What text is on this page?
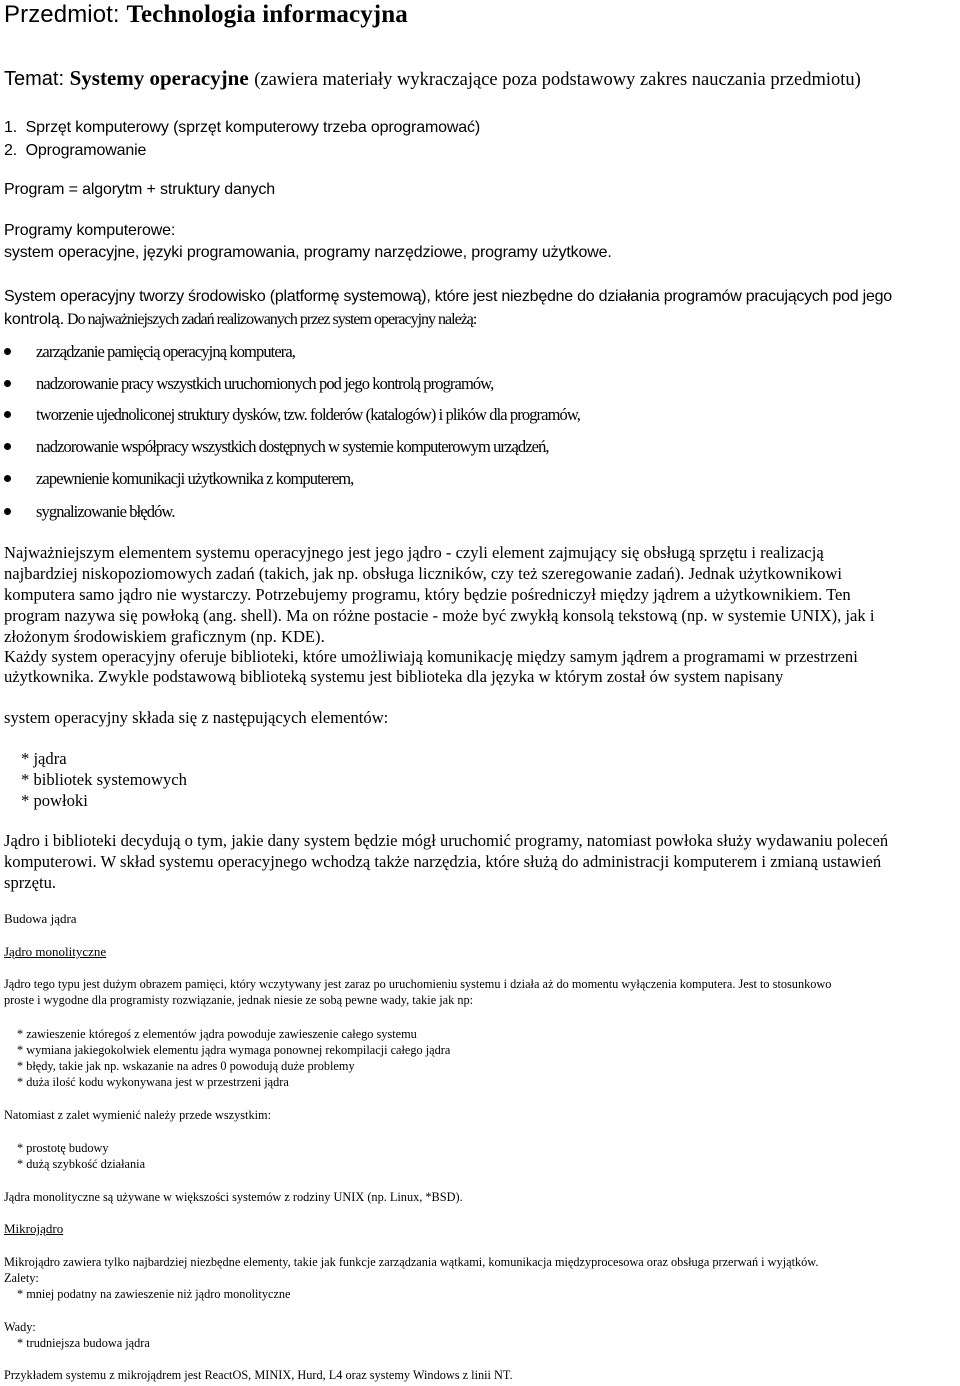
Przedmiot: Technologia informacyjna
Temat: Systemy operacyjne (zawiera materiały wykraczające poza podstawowy zakres nauczania przedmiotu)
1.  Sprzęt komputerowy (sprzęt komputerowy trzeba oprogramować)
2.  Oprogramowanie
Program = algorytm + struktury danych
Programy komputerowe:
system operacyjne, języki programowania, programy narzędziowe, programy użytkowe.
System operacyjny tworzy środowisko (platformę systemową), które jest niezbędne do działania programów pracujących pod jego
kontrolą. Do najważniejszych zadań realizowanych przez system operacyjny należą:
zarządzanie pamięcią operacyjną komputera,
nadzorowanie pracy wszystkich uruchomionych pod jego kontrolą programów,
tworzenie ujednoliconej struktury dysków, tzw. folderów (katalogów) i plików dla programów,
nadzorowanie współpracy wszystkich dostępnych w systemie komputerowym urządzeń,
zapewnienie komunikacji użytkownika z komputerem,
sygnalizowanie błędów.
Najważniejszym elementem systemu operacyjnego jest jego jądro - czyli element zajmujący się obsługą sprzętu i realizacją
najbardziej niskopoziomowych zadań (takich, jak np. obsługa liczników, czy też szeregowanie zadań). Jednak użytkownikowi
komputera samo jądro nie wystarczy. Potrzebujemy programu, który będzie pośredniczył między jądrem a użytkownikiem. Ten
program nazywa się powłoką (ang. shell). Ma on różne postacie - może być zwykłą konsolą tekstową (np. w systemie UNIX), jak i
złożonym środowiskiem graficznym (np. KDE).
Każdy system operacyjny oferuje biblioteki, które umożliwiają komunikację między samym jądrem a programami w przestrzeni
użytkownika. Zwykle podstawową biblioteką systemu jest biblioteka dla języka w którym został ów system napisany
system operacyjny składa się z następujących elementów:
* jądra
* bibliotek systemowych
* powłoki
Jądro i biblioteki decydują o tym, jakie dany system będzie mógł uruchomić programy, natomiast powłoka służy wydawaniu poleceń
komputerowi. W skład systemu operacyjnego wchodzą także narzędzia, które służą do administracji komputerem i zmianą ustawień
sprzętu.
Budowa jądra
Jądro monolityczne
Jądro tego typu jest dużym obrazem pamięci, który wczytywany jest zaraz po uruchomieniu systemu i działa aż do momentu wyłączenia komputera. Jest to stosunkowo
proste i wygodne dla programisty rozwiązanie, jednak niesie ze sobą pewne wady, takie jak np:
* zawieszenie któregoś z elementów jądra powoduje zawieszenie całego systemu
* wymiana jakiegokolwiek elementu jądra wymaga ponownej rekompilacji całego jądra
* błędy, takie jak np. wskazanie na adres 0 powodują duże problemy
* duża ilość kodu wykonywana jest w przestrzeni jądra
Natomiast z zalet wymienić należy przede wszystkim:
* prostotę budowy
* dużą szybkość działania
Jądra monolityczne są używane w większości systemów z rodziny UNIX (np. Linux, *BSD).
Mikrojądro
Mikrojądro zawiera tylko najbardziej niezbędne elementy, takie jak funkcje zarządzania wątkami, komunikacja międzyprocesowa oraz obsługa przerwań i wyjątków.
Zalety:
* mniej podatny na zawieszenie niż jądro monolityczne
Wady:
* trudniejsza budowa jądra
Przykładem systemu z mikrojądrem jest ReactOS, MINIX, Hurd, L4 oraz systemy Windows z linii NT.
